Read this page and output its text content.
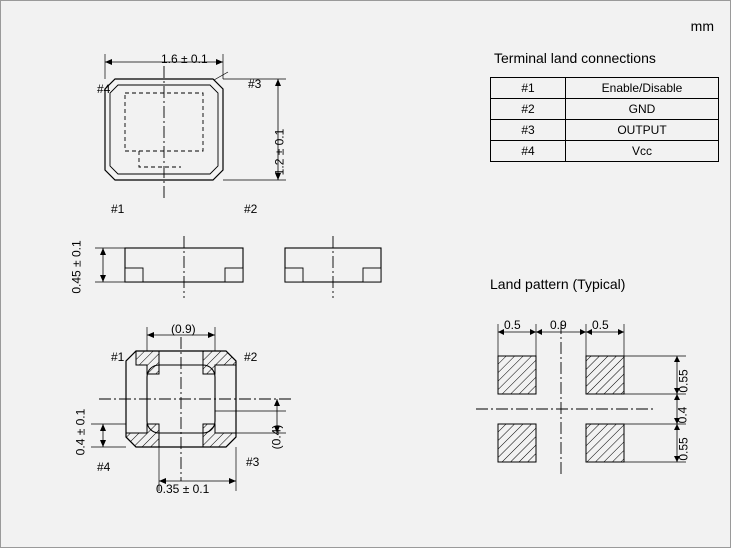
mm
1.6 ± 0.1
1.2 ± 0.1
#4	#3
#1	#2
0.45 ± 0.1
(0.9)
#1	#2
#4	#3
0.4 ± 0.1	(0.4)
0.35 ± 0.1
Terminal land connections
#1	Enable/Disable
#2	GND
#3	OUTPUT
#4	Vcc
Land pattern (Typical)
0.5 0.9 0.5
0.55
0.4
0.55
